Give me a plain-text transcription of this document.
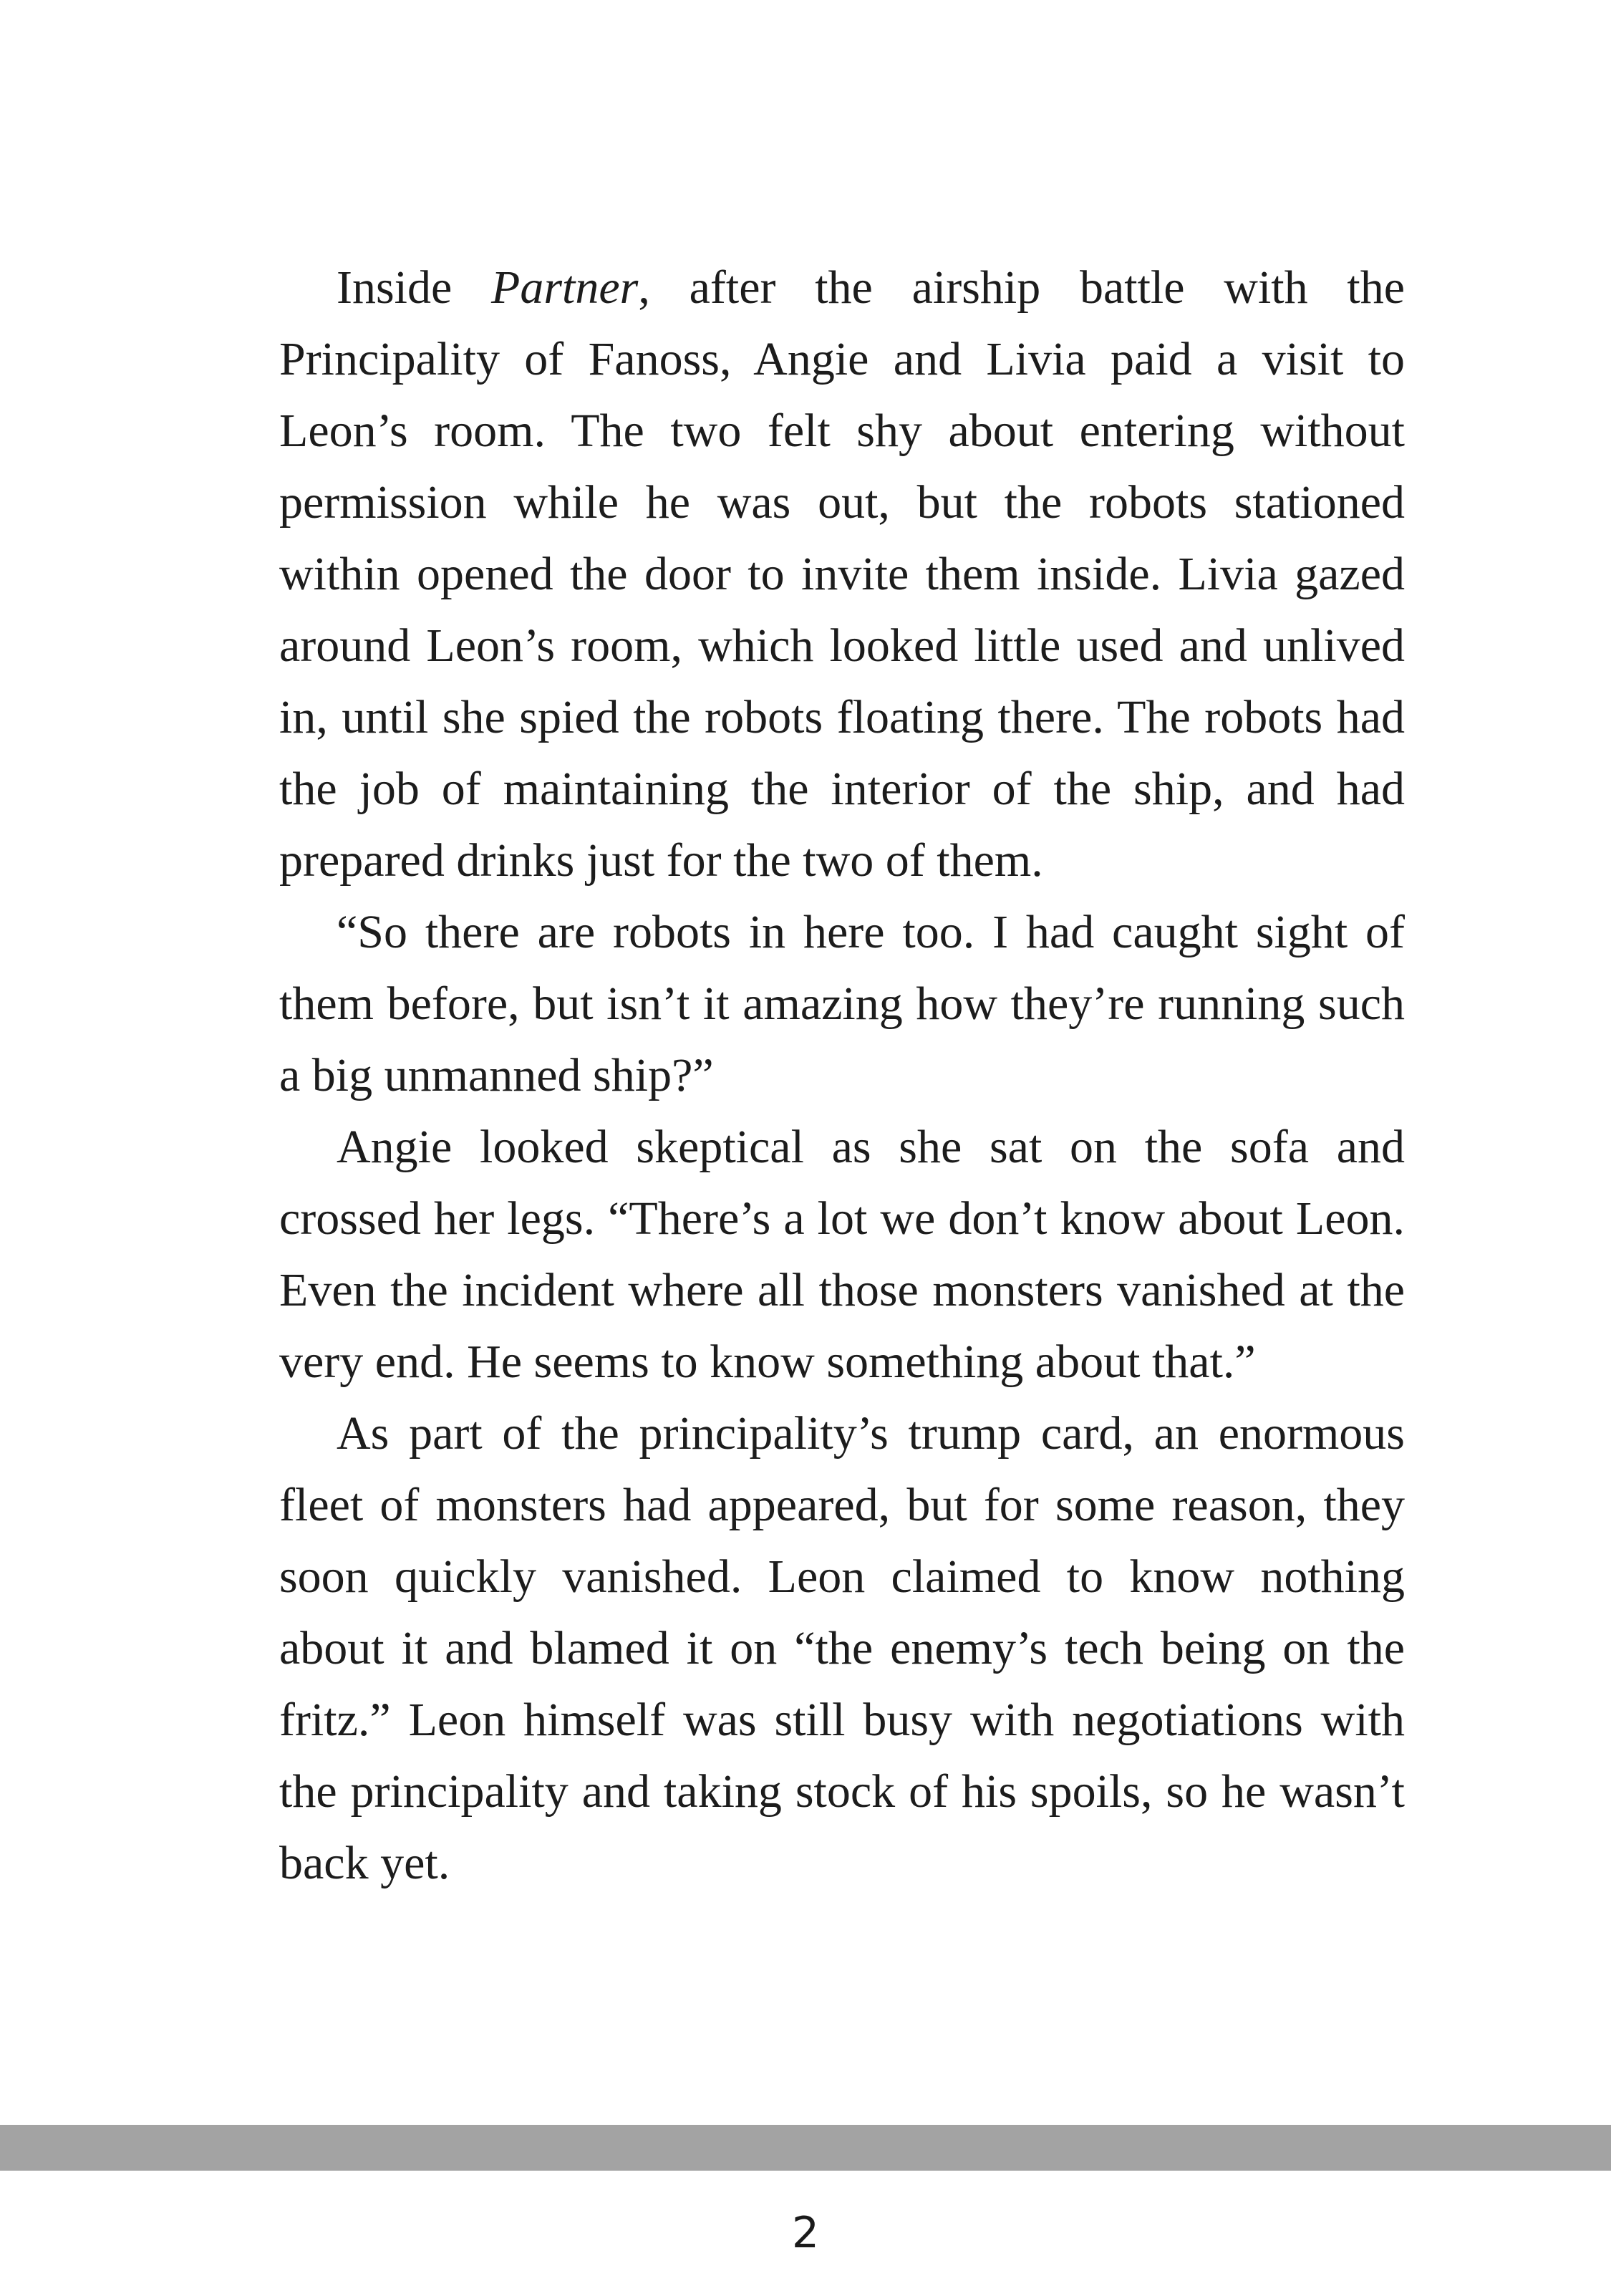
Inside Partner, after the airship battle with the Principality of Fanoss, Angie and Livia paid a visit to Leon’s room. The two felt shy about entering without permission while he was out, but the robots stationed within opened the door to invite them inside. Livia gazed around Leon’s room, which looked little used and unlived in, until she spied the robots floating there. The robots had the job of maintaining the interior of the ship, and had prepared drinks just for the two of them.

“So there are robots in here too. I had caught sight of them before, but isn’t it amazing how they’re running such a big unmanned ship?”

Angie looked skeptical as she sat on the sofa and crossed her legs. “There’s a lot we don’t know about Leon. Even the incident where all those monsters vanished at the very end. He seems to know something about that.”

As part of the principality’s trump card, an enormous fleet of monsters had appeared, but for some reason, they soon quickly vanished. Leon claimed to know nothing about it and blamed it on “the enemy’s tech being on the fritz.” Leon himself was still busy with negotiations with the principality and taking stock of his spoils, so he wasn’t back yet.

2
